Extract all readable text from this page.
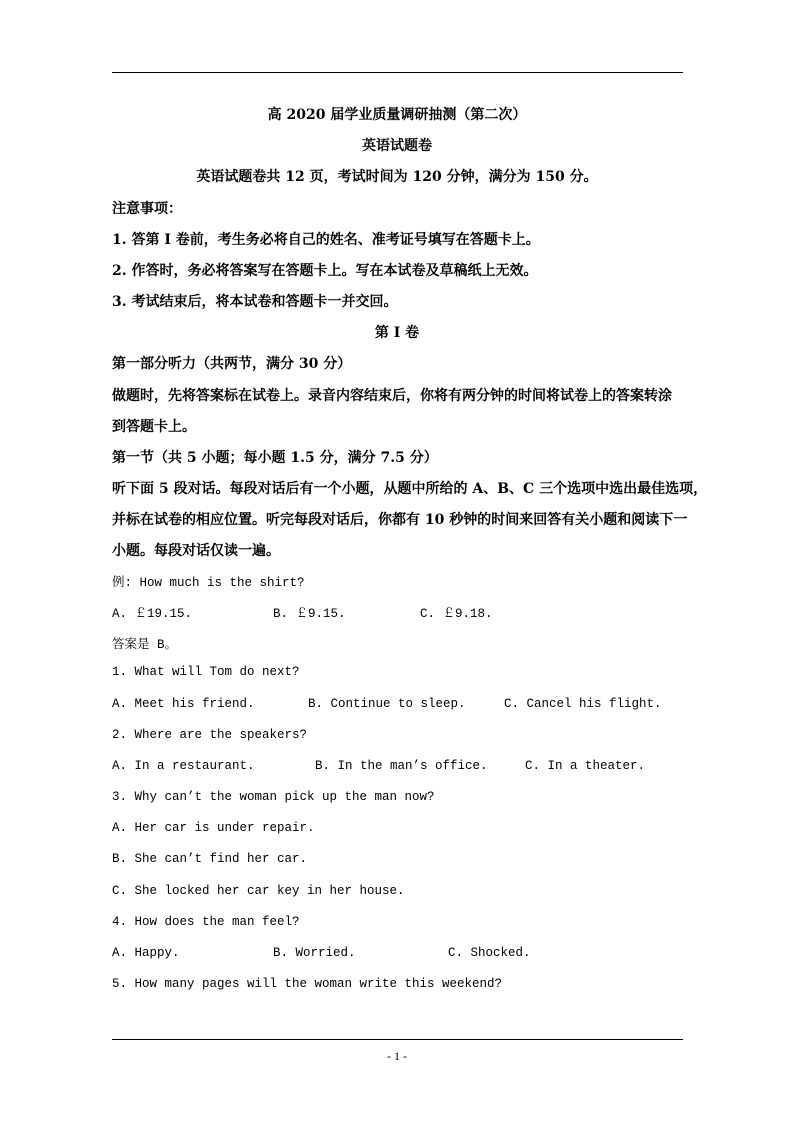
高 2020 届学业质量调研抽测（第二次）
英语试题卷
英语试题卷共 12 页，考试时间为 120 分钟，满分为 150 分。
注意事项：
1. 答第 I 卷前，考生务必将自己的姓名、准考证号填写在答题卡上。
2. 作答时，务必将答案写在答题卡上。写在本试卷及草稿纸上无效。
3. 考试结束后，将本试卷和答题卡一并交回。
第 I 卷
第一部分听力（共两节，满分 30 分）
做题时，先将答案标在试卷上。录音内容结束后，你将有两分钟的时间将试卷上的答案转涂
到答题卡上。
第一节（共 5 小题；每小题 1.5 分，满分 7.5 分）
听下面 5 段对话。每段对话后有一个小题，从题中所给的 A、B、C 三个选项中选出最佳选项，
并标在试卷的相应位置。听完每段对话后，你都有 10 秒钟的时间来回答有关小题和阅读下一
小题。每段对话仅读一遍。
例: How much is the shirt?
A. ￡19.15.	B. ￡9.15.	C. ￡9.18.
答案是 B。
1. What will Tom do next?
A. Meet his friend.	B. Continue to sleep.	C. Cancel his flight.
2. Where are the speakers?
A. In a restaurant.	B. In the man’s office.	C. In a theater.
3. Why can’t the woman pick up the man now?
A. Her car is under repair.
B. She can’t find her car.
C. She locked her car key in her house.
4. How does the man feel?
A. Happy.	B. Worried.	C. Shocked.
5. How many pages will the woman write this weekend?
- 1 -
